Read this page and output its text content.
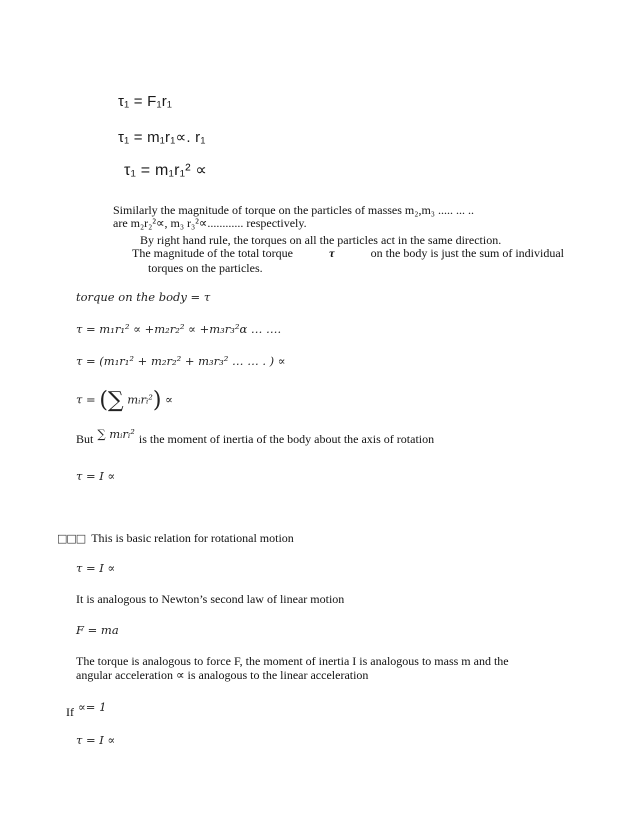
τ₁ = F₁r₁
τ₁ = m₁r₁∝. r₁
τ₁ = m₁r₁² ∝
Similarly the magnitude of torque on the particles of masses m₂,m₃ ..... ... ..
are m₂r₂²∝, m₃ r₃²∝............ respectively.
By right hand rule, the torques on all the particles act in the same direction.
The magnitude of the total torque	τ	on the body is just the sum of individual
torques on the particles.
torque on the body = τ
τ = m₁r₁² ∝ +m₂r₂² ∝ +m₃r₃²α … ….
τ = (m₁r₁² + m₂r₂² + m₃r₃² … … . ) ∝
τ = (∑ mᵢrᵢ²) ∝
But ∑ mᵢrᵢ² is the moment of inertia of the body about the axis of rotation
τ = I ∝
□□□ This is basic relation for rotational motion
τ = I ∝
It is analogous to Newton’s second law of linear motion
F = ma
The torque is analogous to force F, the moment of inertia I is analogous to mass m and the
angular acceleration ∝ is analogous to the linear acceleration
If ∝= 1
τ = I ∝
